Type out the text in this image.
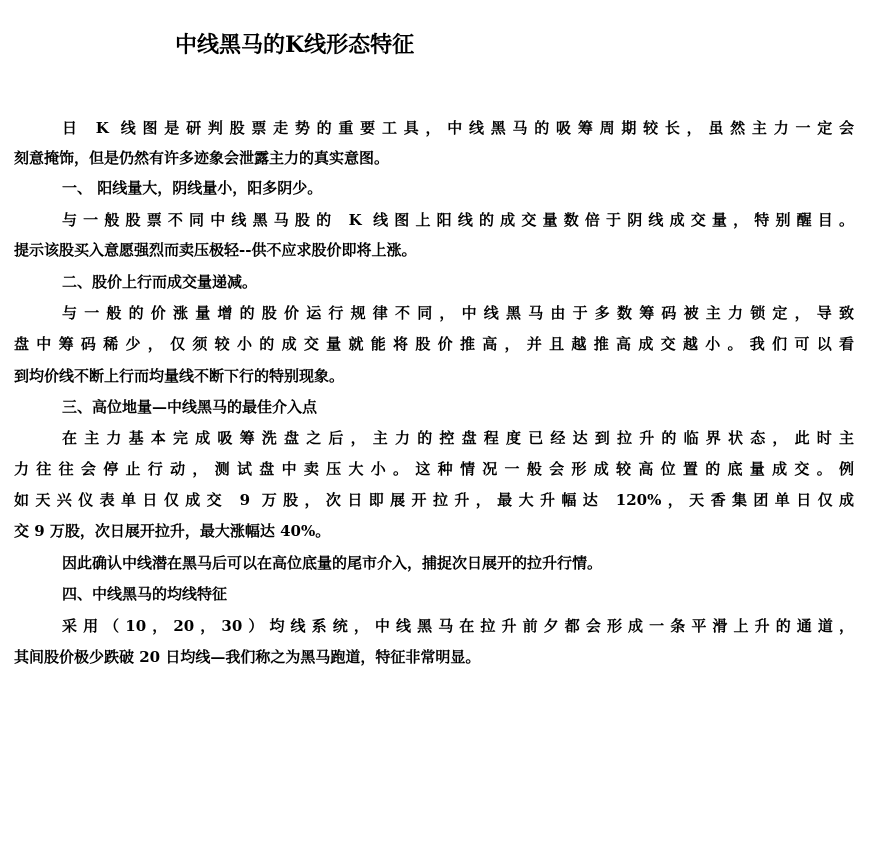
中线黑马的K线形态特征
日 K 线图是研判股票走势的重要工具，中线黑马的吸筹周期较长，虽然主力一定会
刻意掩饰，但是仍然有许多迹象会泄露主力的真实意图。
一、 阳线量大，阴线量小，阳多阴少。
与一般股票不同中线黑马股的 K 线图上阳线的成交量数倍于阴线成交量，特别醒目。
提示该股买入意愿强烈而卖压极轻--供不应求股价即将上涨。
二、股价上行而成交量递减。
与一般的价涨量增的股价运行规律不同，中线黑马由于多数筹码被主力锁定，导致
盘中筹码稀少，仅须较小的成交量就能将股价推高，并且越推高成交越小。我们可以看
到均价线不断上行而均量线不断下行的特别现象。
三、高位地量—中线黑马的最佳介入点
在主力基本完成吸筹洗盘之后，主力的控盘程度已经达到拉升的临界状态，此时主
力往往会停止行动，测试盘中卖压大小。这种情况一般会形成较高位置的底量成交。例
如天兴仪表单日仅成交 9 万股，次日即展开拉升，最大升幅达 120%，天香集团单日仅成
交 9 万股，次日展开拉升，最大涨幅达 40%。
因此确认中线潜在黑马后可以在高位底量的尾市介入，捕捉次日展开的拉升行情。
四、中线黑马的均线特征
采用（10，20，30）均线系统，中线黑马在拉升前夕都会形成一条平滑上升的通道，
其间股价极少跌破 20 日均线—我们称之为黑马跑道，特征非常明显。
